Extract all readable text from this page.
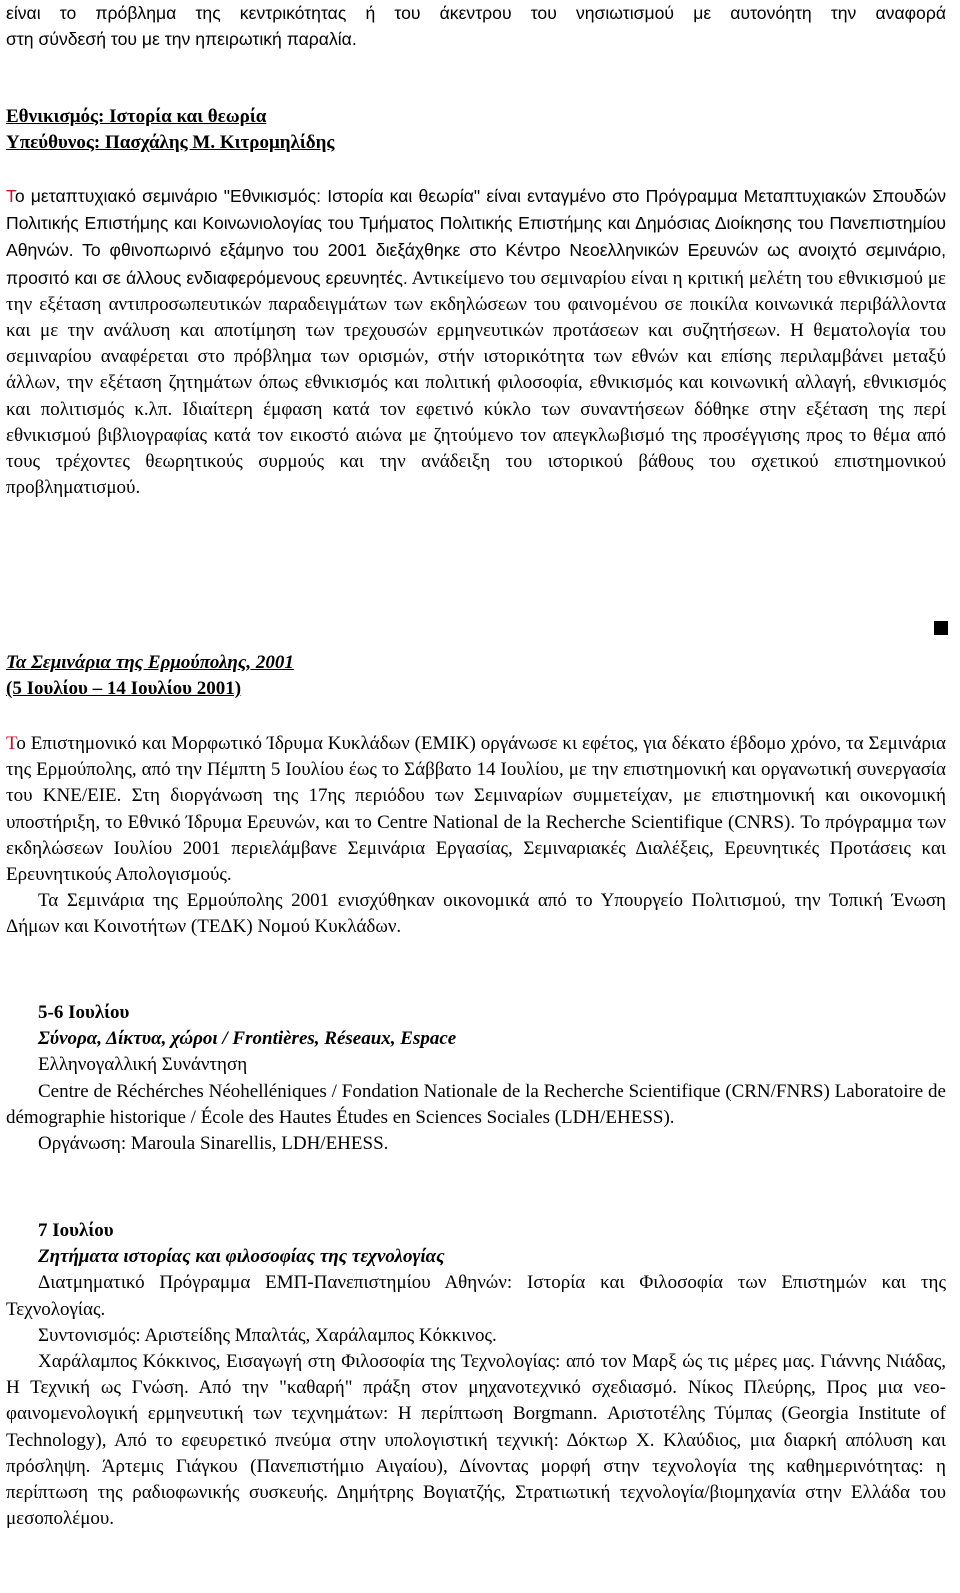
είναι το πρόβλημα της κεντρικότητας ή του άκεντρου του νησιωτισμού με αυτονόητη την αναφορά

στη σύνδεσή του με την ηπειρωτική παραλία.

Εθνικισμός: Ιστορία και θεωρία

Υπεύθυνος: Πασχάλης Μ. Κιτρομηλίδης

Το μεταπτυχιακό σεμινάριο "Εθνικισμός: Ιστορία και θεωρία" είναι ενταγμένο στο Πρόγραμμα Μεταπτυχιακών Σπουδών Πολιτικής Επιστήμης και Κοινωνιολογίας του Τμήματος Πολιτικής Επιστήμης και Δημόσιας Διοίκησης του Πανεπιστημίου Αθηνών. Το φθινοπωρινό εξάμηνο του 2001 διεξάχθηκε στο Κέντρο Νεοελληνικών Ερευνών ως ανοιχτό σεμινάριο, προσιτό και σε άλλους ενδιαφερόμενους ερευνητές. Αντικείμενο του σεμιναρίου είναι η κριτική μελέτη του εθνικισμού με την εξέταση αντιπροσωπευτικών παραδειγμάτων των εκδηλώσεων του φαινομένου σε ποικίλα κοινωνικά περιβάλλοντα και με την ανάλυση και αποτίμηση των τρεχουσών ερμηνευτικών προτάσεων και συζητήσεων. Η θεματολογία του σεμιναρίου αναφέρεται στο πρόβλημα των ορισμών, στήν ιστορικότητα των εθνών και επίσης περιλαμβάνει μεταξύ άλλων, την εξέταση ζητημάτων όπως εθνικισμός και πολιτική φιλοσοφία, εθνικισμός και κοινωνική αλλαγή, εθνικισμός και πολιτισμός κ.λπ. Ιδιαίτερη έμφαση κατά τον εφετινό κύκλο των συναντήσεων δόθηκε στην εξέταση της περί εθνικισμού βιβλιογραφίας κατά τον εικοστό αιώνα με ζητούμενο τον απεγκλωβισμό της προσέγγισης προς το θέμα από τους τρέχοντες θεωρητικούς συρμούς και την ανάδειξη του ιστορικού βάθους του σχετικού επιστημονικού προβληματισμού.

Τα Σεμινάρια της Ερμούπολης, 2001

(5 Ιουλίου – 14 Ιουλίου 2001)

Το Επιστημονικό και Μορφωτικό Ίδρυμα Κυκλάδων (ΕΜΙΚ) οργάνωσε κι εφέτος, για δέκατο έβδομο χρόνο, τα Σεμινάρια της Ερμούπολης, από την Πέμπτη 5 Ιουλίου έως το Σάββατο 14 Ιουλίου, με την επιστημονική και οργανωτική συνεργασία του ΚΝΕ/ΕΙΕ. Στη διοργάνωση της 17ης περιόδου των Σεμιναρίων συμμετείχαν, με επιστημονική και οικονομική υποστήριξη, το Εθνικό Ίδρυμα Ερευνών, και το Centre National de la Recherche Scientifique (CNRS). Το πρόγραμμα των εκδηλώσεων Ιουλίου 2001 περιελάμβανε Σεμινάρια Εργασίας, Σεμιναριακές Διαλέξεις, Ερευνητικές Προτάσεις και Ερευνητικούς Απολογισμούς.

Τα Σεμινάρια της Ερμούπολης 2001 ενισχύθηκαν οικονομικά από το Υπουργείο Πολιτισμού, την Τοπική Ένωση Δήμων και Κοινοτήτων (ΤΕΔΚ) Νομού Κυκλάδων.

5-6 Ιουλίου

Σύνορα, Δίκτυα, χώροι / Frontières, Réseaux, Espace

Ελληνογαλλική Συνάντηση

Centre de Réchérches Néohelléniques / Fondation Nationale de la Recherche Scientifique (CRN/FNRS) Laboratoire de démographie historique / École des Hautes Études en Sciences Sociales (LDH/EHESS).

Οργάνωση: Maroula Sinarellis, LDH/EHESS.

7 Ιουλίου

Ζητήματα ιστορίας και φιλοσοφίας της τεχνολογίας

Διατμηματικό Πρόγραμμα ΕΜΠ-Πανεπιστημίου Αθηνών: Ιστορία και Φιλοσοφία των Επιστημών και της Τεχνολογίας.

Συντονισμός: Αριστείδης Μπαλτάς, Χαράλαμπος Κόκκινος.

Χαράλαμπος Κόκκινος, Εισαγωγή στη Φιλοσοφία της Τεχνολογίας: από τον Μαρξ ώς τις μέρες μας. Γιάννης Νιάδας, Η Τεχνική ως Γνώση. Από την "καθαρή" πράξη στον μηχανοτεχνικό σχεδιασμό. Νίκος Πλεύρης, Προς μια νεο-φαινομενολογική ερμηνευτική των τεχνημάτων: Η περίπτωση Borgmann. Αριστοτέλης Τύμπας (Georgia Institute of Technology), Από το εφευρετικό πνεύμα στην υπολογιστική τεχνική: Δόκτωρ Χ. Κλαύδιος, μια διαρκή απόλυση και πρόσληψη. Άρτεμις Γιάγκου (Πανεπιστήμιο Αιγαίου), Δίνοντας μορφή στην τεχνολογία της καθημερινότητας: η περίπτωση της ραδιοφωνικής συσκευής. Δημήτρης Βογιατζής, Στρατιωτική τεχνολογία/βιομηχανία στην Ελλάδα του μεσοπολέμου.
